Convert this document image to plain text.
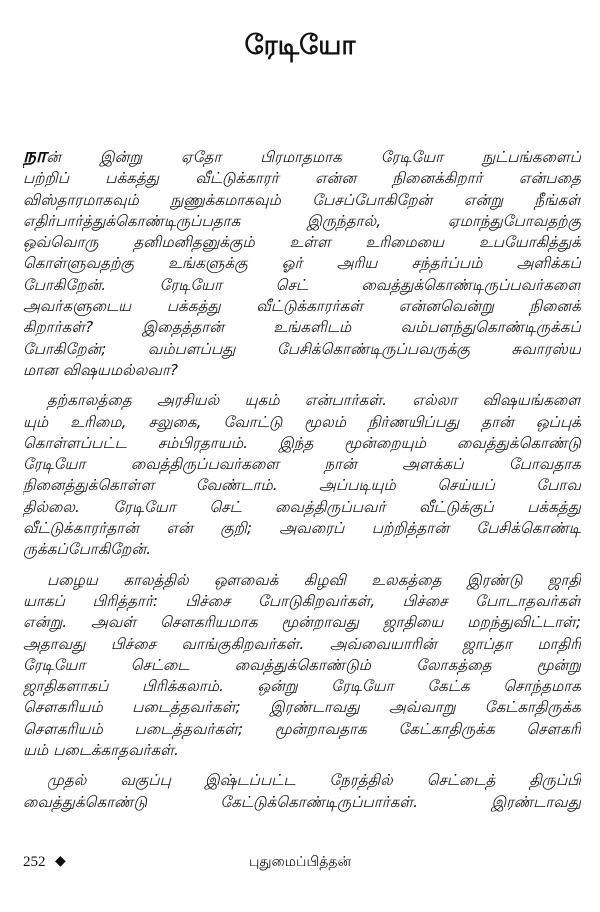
ரேடியோ
நான் இன்று ஏதோ பிரமாதமாக ரேடியோ நுட்பங்களைப்
பற்றிப் பக்கத்து வீட்டுக்காரர் என்ன நினைக்கிறார் என்பதை
விஸ்தாரமாகவும் நுணுக்கமாகவும் பேசப்போகிறேன் என்று நீங்கள்
எதிர்பார்த்துக்கொண்டிருப்பதாக இருந்தால், ஏமாந்துபோவதற்கு
ஒவ்வொரு தனிமனிதனுக்கும் உள்ள உரிமையை உபயோகித்துக்
கொள்ளுவதற்கு உங்களுக்கு ஓர் அரிய சந்தர்ப்பம் அளிக்கப்
போகிறேன். ரேடியோ செட் வைத்துக்கொண்டிருப்பவர்களை
அவர்களுடைய பக்கத்து வீட்டுக்காரர்கள் என்னவென்று நினைக்
கிறார்கள்? இதைத்தான் உங்களிடம் வம்பளந்துகொண்டிருக்கப்
போகிறேன்; வம்பளப்பது பேசிக்கொண்டிருப்பவருக்கு சுவாரஸ்ய
மான விஷயமல்லவா?
தற்காலத்தை அரசியல் யுகம் என்பார்கள். எல்லா விஷயங்களை
யும் உரிமை, சலுகை, வோட்டு மூலம் நிர்ணயிப்பது தான் ஒப்புக்
கொள்ளப்பட்ட சம்பிரதாயம். இந்த மூன்றையும் வைத்துக்கொண்டு
ரேடியோ வைத்திருப்பவர்களை நான் அளக்கப் போவதாக
நினைத்துக்கொள்ள வேண்டாம். அப்படியும் செய்யப் போவ
தில்லை. ரேடியோ செட் வைத்திருப்பவர் வீட்டுக்குப் பக்கத்து
வீட்டுக்காரர்தான் என் குறி; அவரைப் பற்றித்தான் பேசிக்கொண்டி
ருக்கப்போகிறேன்.
பழைய காலத்தில் ஔவைக் கிழவி உலகத்தை இரண்டு ஜாதி
யாகப் பிரித்தார்: பிச்சை போடுகிறவர்கள், பிச்சை போடாதவர்கள்
என்று. அவள் சௌகரியமாக மூன்றாவது ஜாதியை மறந்துவிட்டாள்;
அதாவது பிச்சை வாங்குகிறவர்கள். அவ்வையாரின் ஜாப்தா மாதிரி
ரேடியோ செட்டை வைத்துக்கொண்டும் லோகத்தை மூன்று
ஜாதிகளாகப் பிரிக்கலாம். ஒன்று ரேடியோ கேட்க சொந்தமாக
சௌகரியம் படைத்தவர்கள்; இரண்டாவது அவ்வாறு கேட்காதிருக்க
சௌகரியம் படைத்தவர்கள்; மூன்றாவதாக கேட்காதிருக்க சௌகரி
யம் படைக்காதவர்கள்.
முதல் வகுப்பு இஷ்டப்பட்ட நேரத்தில் செட்டைத் திருப்பி
வைத்துக்கொண்டு கேட்டுக்கொண்டிருப்பார்கள். இரண்டாவது
252 ◆	புதுமைப்பித்தன்
